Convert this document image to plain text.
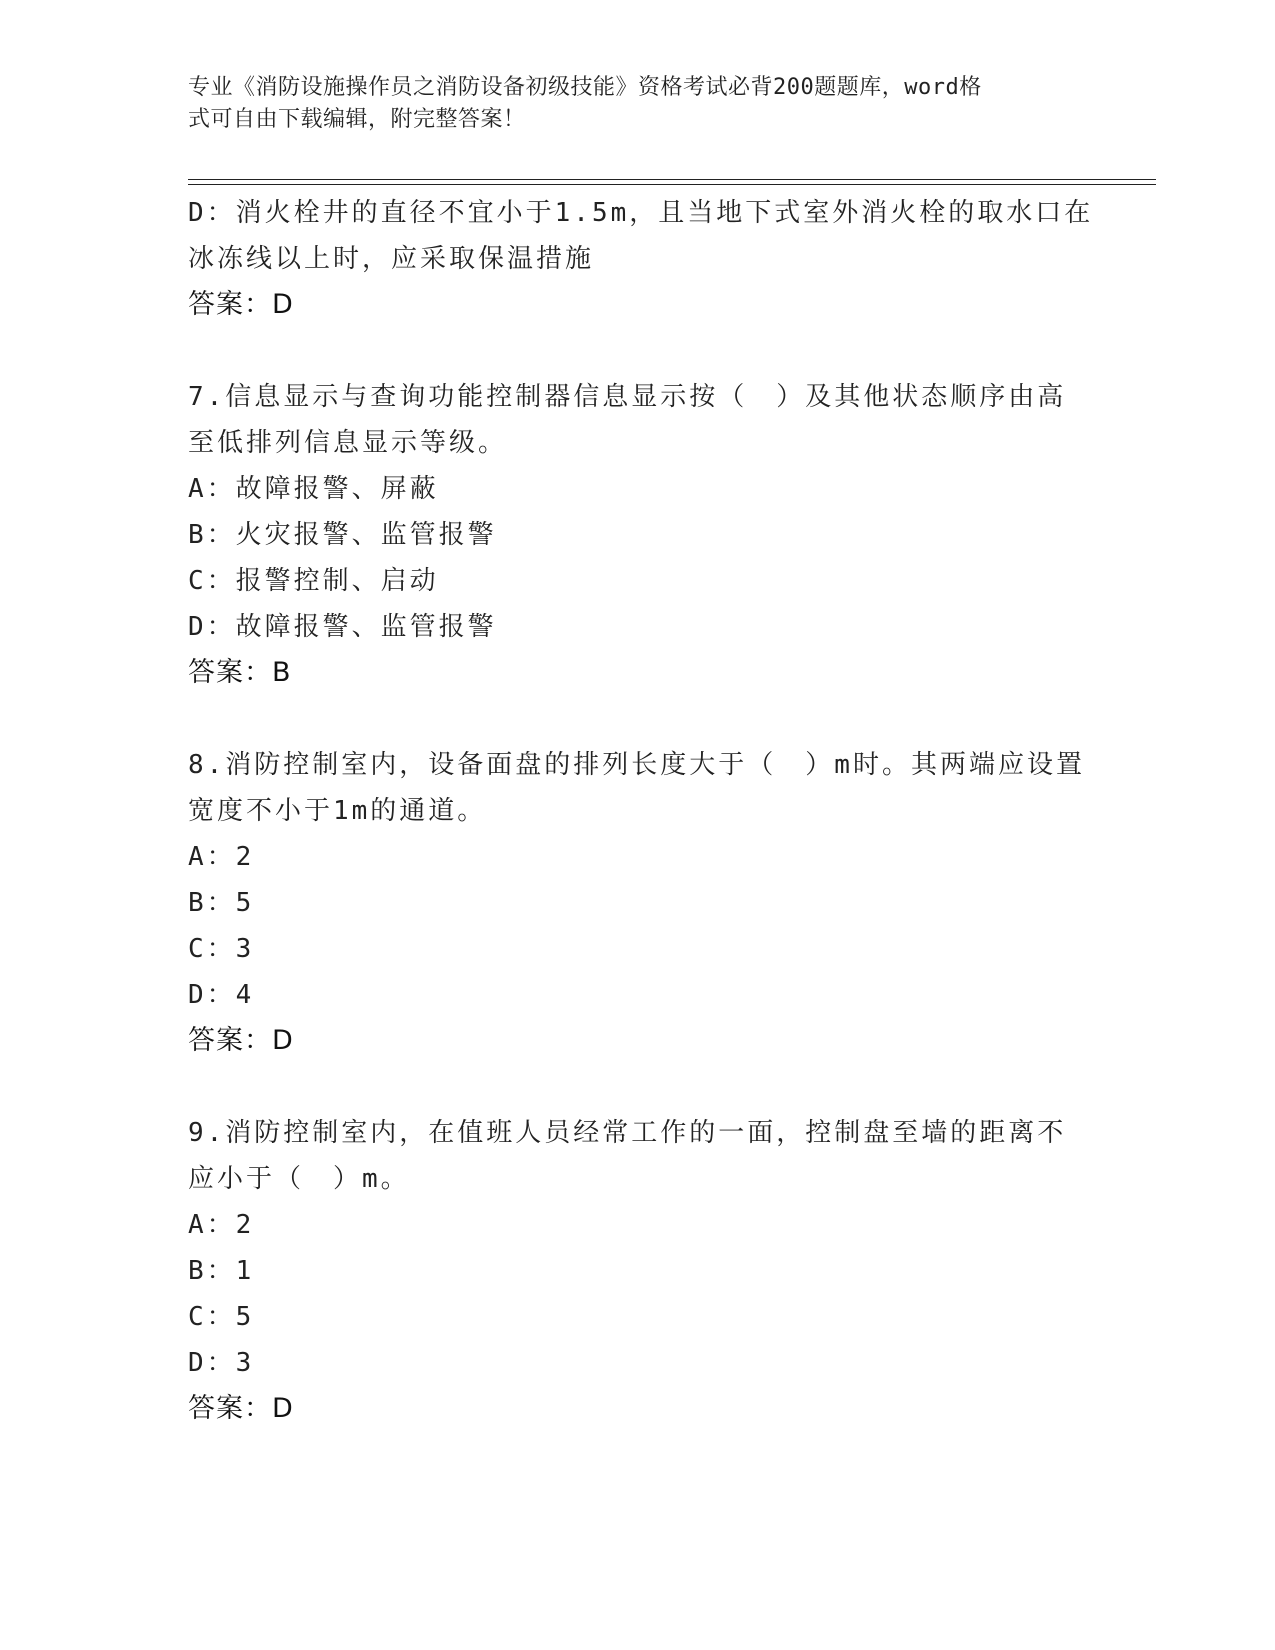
专业《消防设施操作员之消防设备初级技能》资格考试必背200题题库，word格
式可自由下载编辑，附完整答案！
D：消火栓井的直径不宜小于1.5m，且当地下式室外消火栓的取水口在
冰冻线以上时，应采取保温措施
答案：D
7.信息显示与查询功能控制器信息显示按（　）及其他状态顺序由高
至低排列信息显示等级。
A：故障报警、屏蔽
B：火灾报警、监管报警
C：报警控制、启动
D：故障报警、监管报警
答案：B
8.消防控制室内，设备面盘的排列长度大于（　）m时。其两端应设置
宽度不小于1m的通道。
A：2
B：5
C：3
D：4
答案：D
9.消防控制室内，在值班人员经常工作的一面，控制盘至墙的距离不
应小于（　）m。
A：2
B：1
C：5
D：3
答案：D
